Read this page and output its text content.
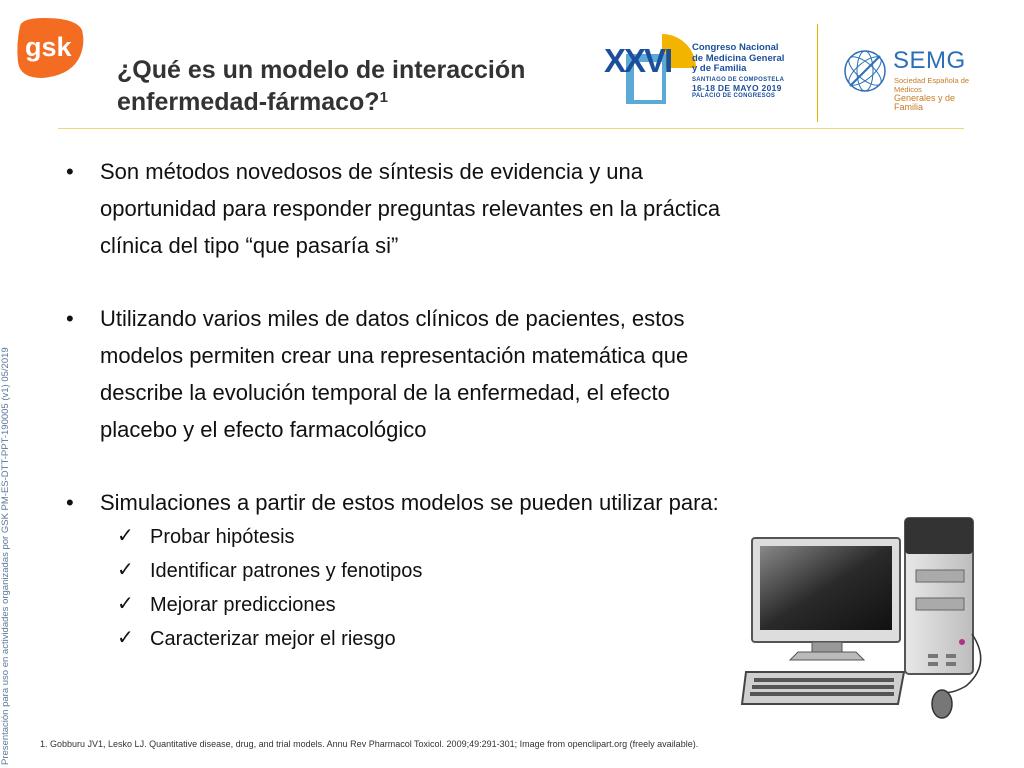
gsk
¿Qué es un modelo de interacción
enfermedad-fármaco?$^1$
XXVI Congreso Nacional
de Medicina General
y de Familia
SANTIAGO DE COMPOSTELA
16-18 DE MAYO 2019
PALACIO DE CONGRESOS
SEMG
Sociedad Española de Médicos
Generales y de Familia
Presentación para uso en actividades organizadas por GSK PM-ES-DTT-PPT-190005 (v1) 05/2019
• Son métodos novedosos de síntesis de evidencia y una
oportunidad para responder preguntas relevantes en la práctica
clínica del tipo “que pasaría si”
• Utilizando varios miles de datos clínicos de pacientes, estos
modelos permiten crear una representación matemática que
describe la evolución temporal de la enfermedad, el efecto
placebo y el efecto farmacológico
• Simulaciones a partir de estos modelos se pueden utilizar para:
✓ Probar hipótesis
✓ Identificar patrones y fenotipos
✓ Mejorar predicciones
✓ Caracterizar mejor el riesgo
1. Gobburu JV1, Lesko LJ. Quantitative disease, drug, and trial models. Annu Rev Pharmacol Toxicol. 2009;49:291-301; Image from openclipart.org (freely available).
